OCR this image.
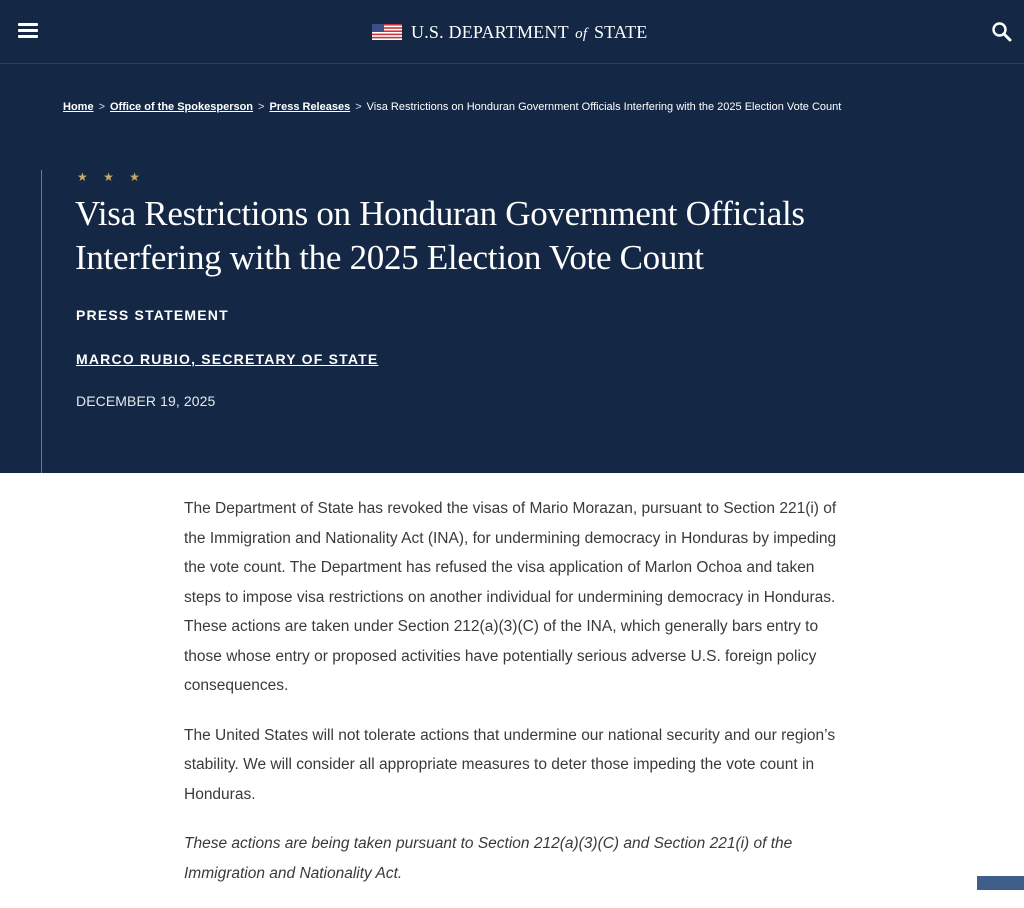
U.S. DEPARTMENT of STATE
Home > Office of the Spokesperson > Press Releases > Visa Restrictions on Honduran Government Officials Interfering with the 2025 Election Vote Count
★ ★ ★
Visa Restrictions on Honduran Government Officials Interfering with the 2025 Election Vote Count
PRESS STATEMENT
MARCO RUBIO, SECRETARY OF STATE
DECEMBER 19, 2025

The Department of State has revoked the visas of Mario Morazan, pursuant to Section 221(i) of the Immigration and Nationality Act (INA), for undermining democracy in Honduras by impeding the vote count. The Department has refused the visa application of Marlon Ochoa and taken steps to impose visa restrictions on another individual for undermining democracy in Honduras. These actions are taken under Section 212(a)(3)(C) of the INA, which generally bars entry to those whose entry or proposed activities have potentially serious adverse U.S. foreign policy consequences.

The United States will not tolerate actions that undermine our national security and our region’s stability. We will consider all appropriate measures to deter those impeding the vote count in Honduras.

These actions are being taken pursuant to Section 212(a)(3)(C) and Section 221(i) of the Immigration and Nationality Act.
